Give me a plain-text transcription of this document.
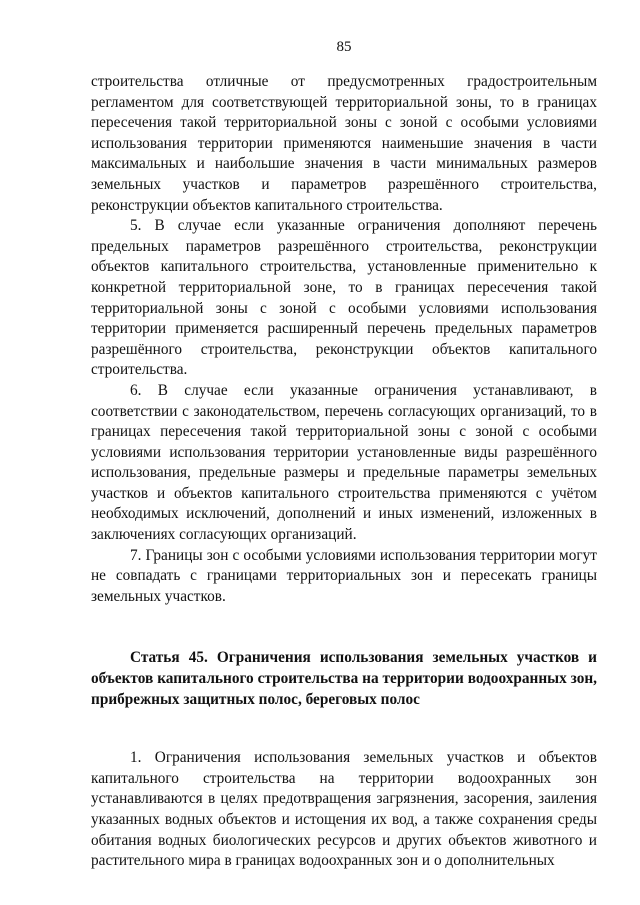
85

строительства отличные от предусмотренных градостроительным регламентом для соответствующей территориальной зоны, то в границах пересечения такой территориальной зоны с зоной с особыми условиями использования территории применяются наименьшие значения в части максимальных и наибольшие значения в части минимальных размеров земельных участков и параметров разрешённого строительства, реконструкции объектов капитального строительства.

5. В случае если указанные ограничения дополняют перечень предельных параметров разрешённого строительства, реконструкции объектов капитального строительства, установленные применительно к конкретной территориальной зоне, то в границах пересечения такой территориальной зоны с зоной с особыми условиями использования территории применяется расширенный перечень предельных параметров разрешённого строительства, реконструкции объектов капитального строительства.

6. В случае если указанные ограничения устанавливают, в соответствии с законодательством, перечень согласующих организаций, то в границах пересечения такой территориальной зоны с зоной с особыми условиями использования территории установленные виды разрешённого использования, предельные размеры и предельные параметры земельных участков и объектов капитального строительства применяются с учётом необходимых исключений, дополнений и иных изменений, изложенных в заключениях согласующих организаций.

7. Границы зон с особыми условиями использования территории могут не совпадать с границами территориальных зон и пересекать границы земельных участков.

Статья 45. Ограничения использования земельных участков и объектов капитального строительства на территории водоохранных зон, прибрежных защитных полос, береговых полос

1. Ограничения использования земельных участков и объектов капитального строительства на территории водоохранных зон устанавливаются в целях предотвращения загрязнения, засорения, заиления указанных водных объектов и истощения их вод, а также сохранения среды обитания водных биологических ресурсов и других объектов животного и растительного мира в границах водоохранных зон и о дополнительных
